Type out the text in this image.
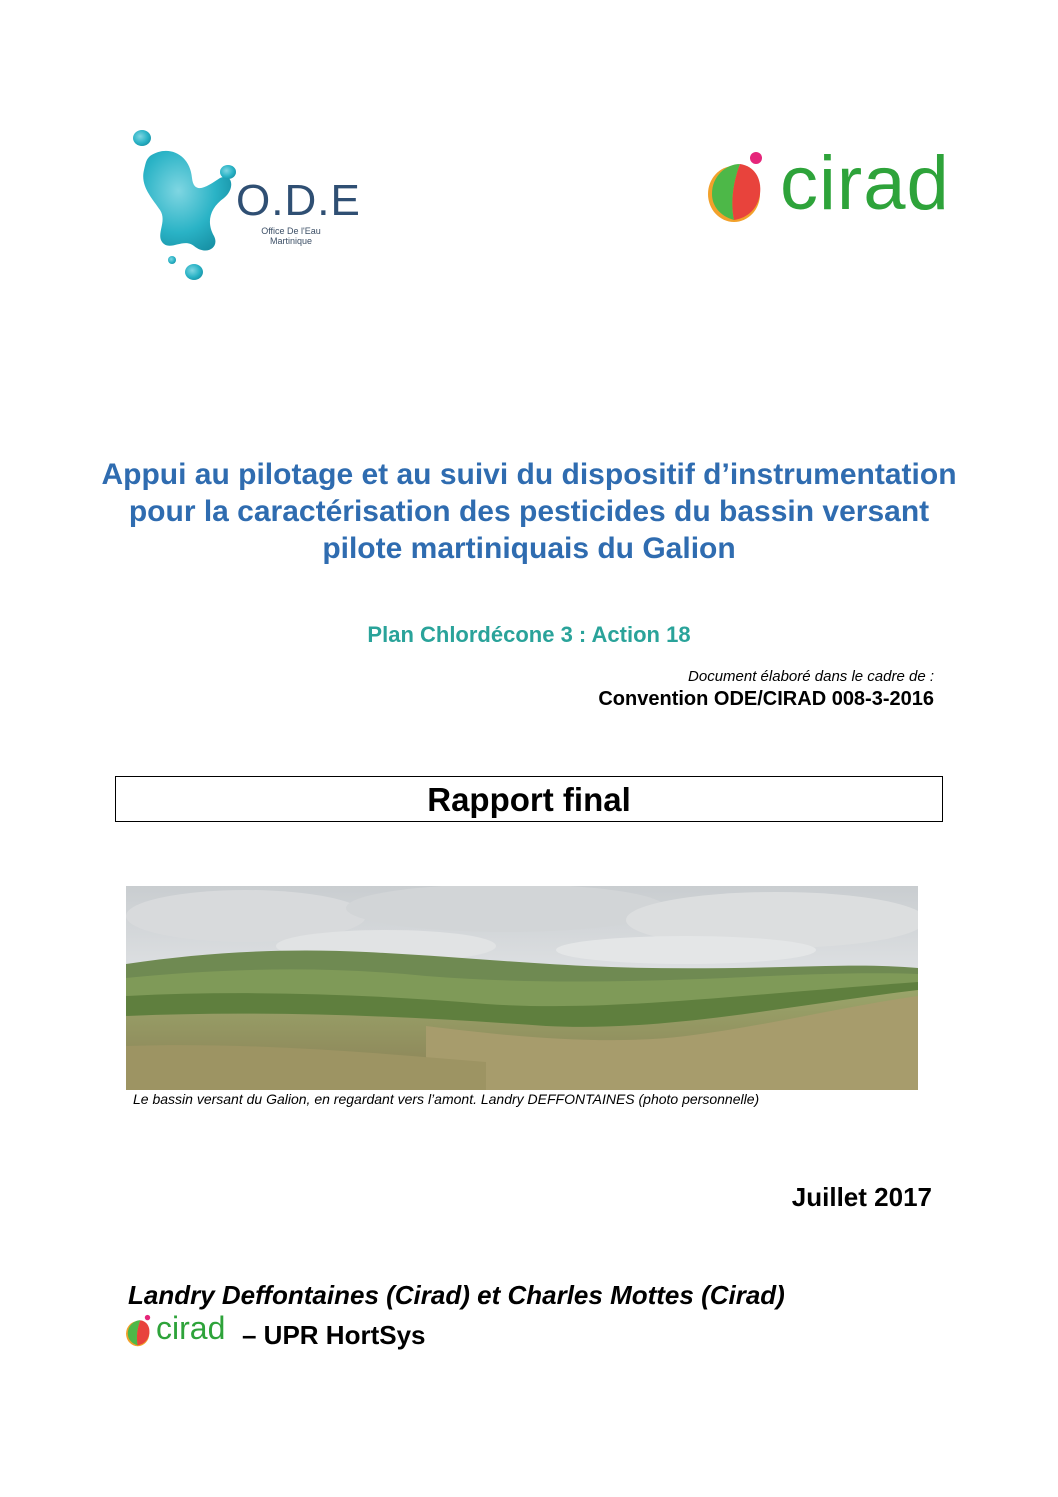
O.D.E
Office De l'Eau
Martinique
cirad
Appui au pilotage et au suivi du dispositif d’instrumentation pour la caractérisation des pesticides du bassin versant pilote martiniquais du Galion
Plan Chlordécone 3 : Action 18
Document élaboré dans le cadre de :
Convention ODE/CIRAD 008-3-2016
Rapport final
Le bassin versant du Galion, en regardant vers l’amont. Landry DEFFONTAINES (photo personnelle)
Juillet 2017
Landry Deffontaines (Cirad) et Charles Mottes (Cirad)
cirad – UPR HortSys
